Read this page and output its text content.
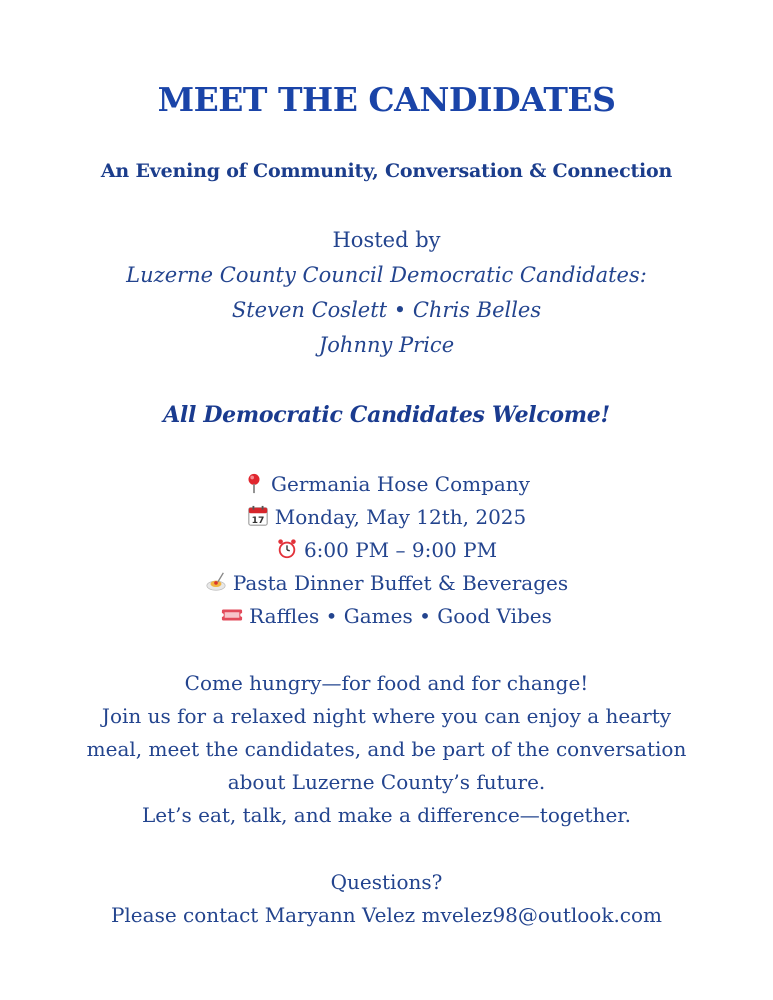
MEET THE CANDIDATES
An Evening of Community, Conversation & Connection
Hosted by
Luzerne County Council Democratic Candidates:
Steven Coslett • Chris Belles
Johnny Price
All Democratic Candidates Welcome!
Germania Hose Company
17 Monday, May 12th, 2025
6:00 PM – 9:00 PM
Pasta Dinner Buffet & Beverages
Raffles • Games • Good Vibes
Come hungry—for food and for change!
Join us for a relaxed night where you can enjoy a hearty
meal, meet the candidates, and be part of the conversation
about Luzerne County’s future.
Let’s eat, talk, and make a difference—together.
Questions?
Please contact Maryann Velez mvelez98@outlook.com
